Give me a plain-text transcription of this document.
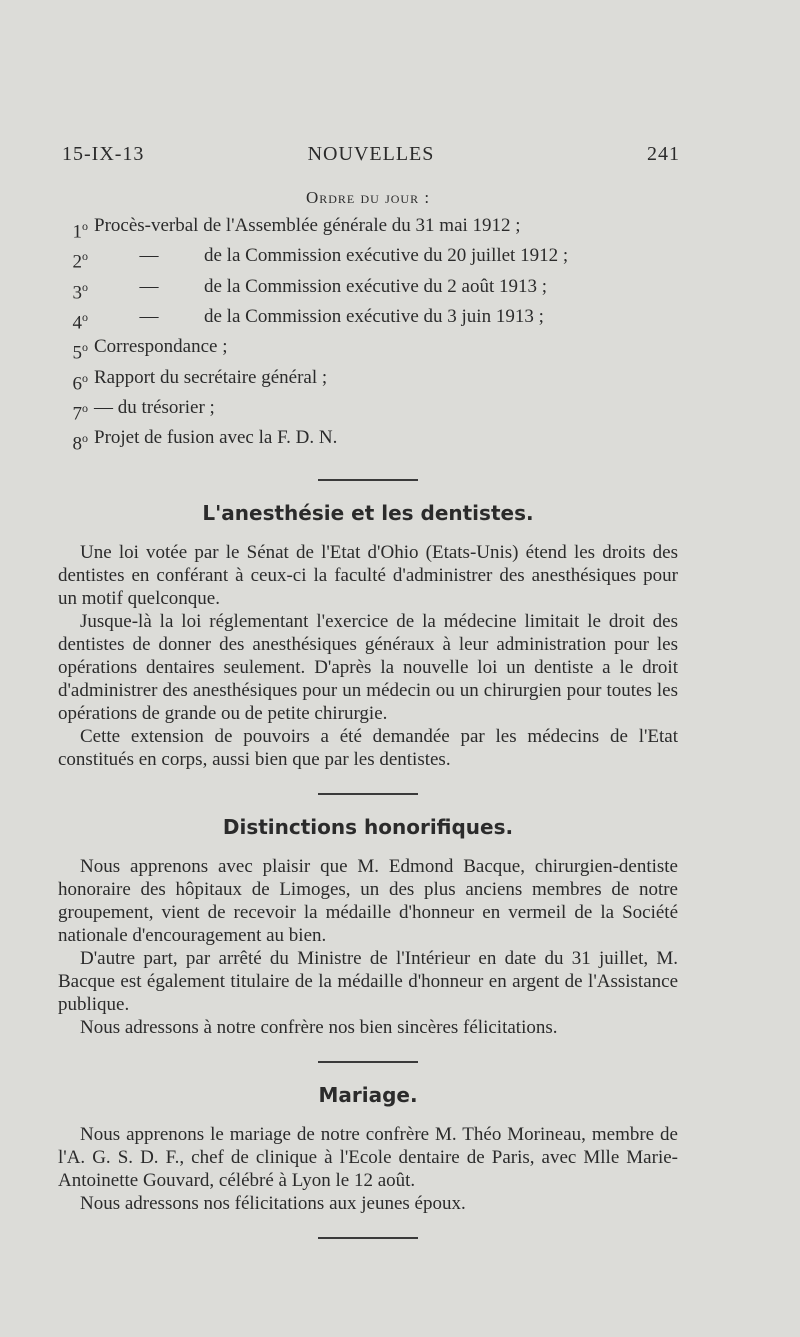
15-IX-13	NOUVELLES	241
Ordre du jour :
1$^o$ Procès-verbal de l'Assemblée générale du 31 mai 1912 ;
2$^o$	—	de la Commission exécutive du 20 juillet 1912 ;
3$^o$	—	de la Commission exécutive du 2 août 1913 ;
4$^o$	—	de la Commission exécutive du 3 juin 1913 ;
5$^o$ Correspondance ;
6$^o$ Rapport du secrétaire général ;
7$^o$ — du trésorier ;
8$^o$ Projet de fusion avec la F. D. N.
L'anesthésie et les dentistes.

Une loi votée par le Sénat de l'Etat d'Ohio (Etats-Unis) étend les droits des dentistes en conférant à ceux-ci la faculté d'administrer des anesthésiques pour un motif quelconque.

Jusque-là la loi réglementant l'exercice de la médecine limitait le droit des dentistes de donner des anesthésiques généraux à leur administration pour les opérations dentaires seulement. D'après la nouvelle loi un dentiste a le droit d'administrer des anesthésiques pour un médecin ou un chirurgien pour toutes les opérations de grande ou de petite chirurgie.

Cette extension de pouvoirs a été demandée par les médecins de l'Etat constitués en corps, aussi bien que par les dentistes.

Distinctions honorifiques.

Nous apprenons avec plaisir que M. Edmond Bacque, chirurgien-dentiste honoraire des hôpitaux de Limoges, un des plus anciens membres de notre groupement, vient de recevoir la médaille d'honneur en vermeil de la Société nationale d'encouragement au bien.

D'autre part, par arrêté du Ministre de l'Intérieur en date du 31 juillet, M. Bacque est également titulaire de la médaille d'honneur en argent de l'Assistance publique.

Nous adressons à notre confrère nos bien sincères félicitations.

Mariage.

Nous apprenons le mariage de notre confrère M. Théo Morineau, membre de l'A. G. S. D. F., chef de clinique à l'Ecole dentaire de Paris, avec Mlle Marie-Antoinette Gouvard, célébré à Lyon le 12 août.

Nous adressons nos félicitations aux jeunes époux.
